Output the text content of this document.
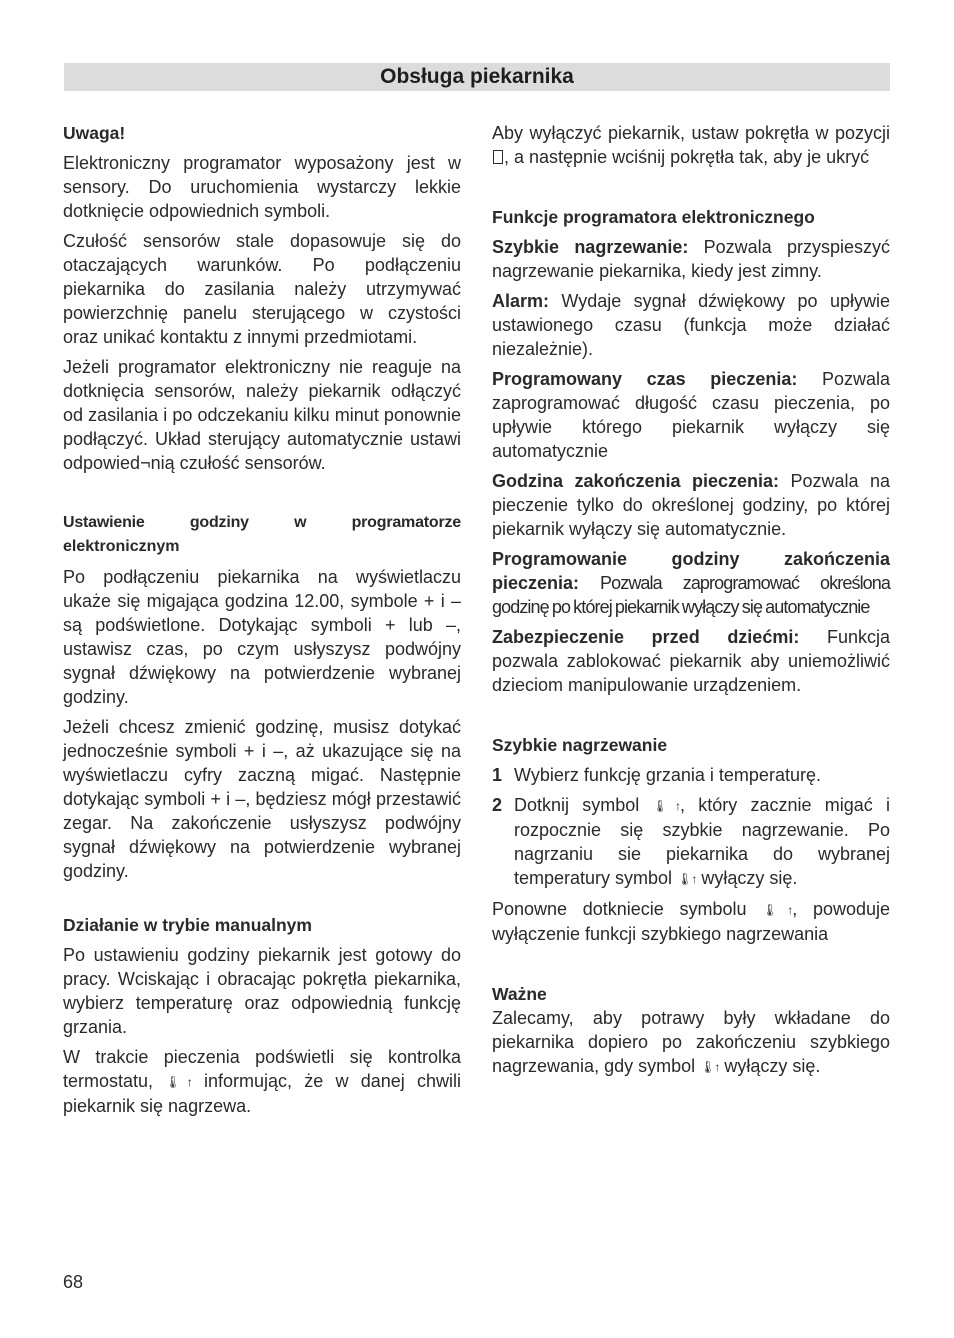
Obsługa piekarnika
Uwaga!

Elektroniczny programator wyposażony jest w sensory. Do uruchomienia wystarczy lekkie dotknięcie odpowiednich symboli.

Czułość sensorów stale dopasowuje się do otaczających warunków. Po podłączeniu piekarnika do zasilania należy utrzymywać powierzchnię panelu sterującego w czystości oraz unikać kontaktu z innymi przedmiotami.

Jeżeli programator elektroniczny nie reaguje na dotknięcia sensorów, należy piekarnik odłączyć od zasilania i po odczekaniu kilku minut ponownie podłączyć. Układ sterujący automatycznie ustawi odpowied¬nią czułość sensorów.

Ustawienie godziny w programatorze
elektronicznym

Po podłączeniu piekarnika na wyświetlaczu ukaże się migająca godzina 12.00, symbole + i – są podświetlone. Dotykając symboli + lub –, ustawisz czas, po czym usłyszysz podwójny sygnał dźwiękowy na potwierdzenie wybranej godziny.

Jeżeli chcesz zmienić godzinę, musisz dotykać jednocześnie symboli + i –, aż ukazujące się na wyświetlaczu cyfry zaczną migać. Następnie dotykając symboli + i –, będziesz mógł przestawić zegar. Na zakończenie usłyszysz podwójny sygnał dźwiękowy na potwierdzenie wybranej godziny.

Działanie w trybie manualnym

Po ustawieniu godziny piekarnik jest gotowy do pracy. Wciskając i obracając pokrętła piekarnika, wybierz temperaturę oraz odpowiednią funkcję grzania.

W trakcie pieczenia podświetli się kontrolka termostatu, 🌡↑ informując, że w danej chwili piekarnik się nagrzewa.

Aby wyłączyć piekarnik, ustaw pokrętła w pozycji , a następnie wciśnij pokrętła tak, aby je ukryć

Funkcje programatora elektronicznego

Szybkie nagrzewanie: Pozwala przyspieszyć nagrzewanie piekarnika, kiedy jest zimny.

Alarm: Wydaje sygnał dźwiękowy po upływie ustawionego czasu (funkcja może działać niezależnie).

Programowany czas pieczenia: Pozwala zaprogramować długość czasu pieczenia, po upływie którego piekarnik wyłączy się automatycznie

Godzina zakończenia pieczenia: Pozwala na pieczenie tylko do określonej godziny, po której piekarnik wyłączy się automatycznie.

Programowanie godziny zakończenia pieczenia: Pozwala zaprogramować określona godzinę po której piekarnik wyłączy się automatycznie

Zabezpieczenie przed dziećmi: Funkcja pozwala zablokować piekarnik aby uniemożliwić dzieciom manipulowanie urządzeniem.

Szybkie nagrzewanie
1 Wybierz funkcję grzania i temperaturę.
2 Dotknij symbol 🌡↑, który zacznie migać i rozpocznie się szybkie nagrzewanie. Po nagrzaniu sie piekarnika do wybranej temperatury symbol 🌡↑ wyłączy się.

Ponowne dotkniecie symbolu 🌡↑, powoduje wyłączenie funkcji szybkiego nagrzewania

Ważne

Zalecamy, aby potrawy były wkładane do piekarnika dopiero po zakończeniu szybkiego nagrzewania, gdy symbol 🌡↑ wyłączy się.

68
